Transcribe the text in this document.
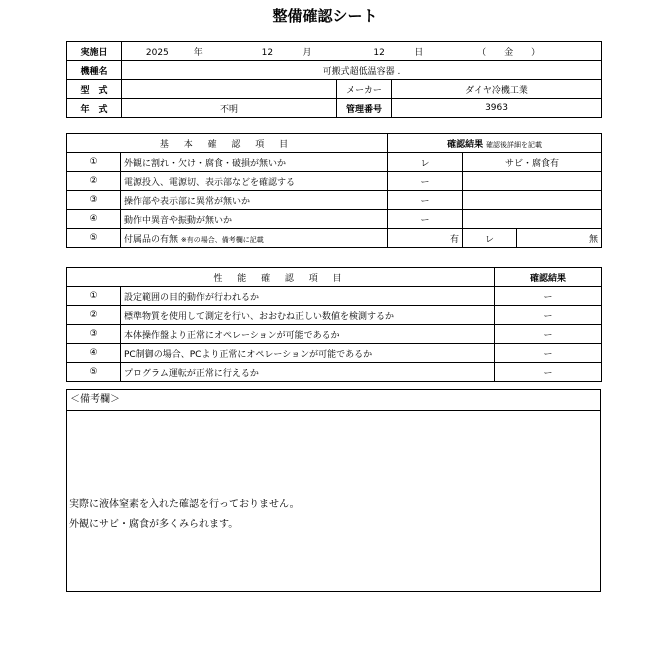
整備確認シート
実施日	2025 年 12 月 12 日 （　　金　　）		
機種名	可搬式超低温容器 .		
型　式		メーカー	ダイヤ冷機工業
年　式	不明	管理番号	3963
基 本 確 認 項 目		確認結果 確認後詳細を記載		
①	外観に割れ・欠け・腐食・破損が無いか	レ	サビ・腐食有	
②	電源投入、電源切、表示部などを確認する	ー		
③	操作部や表示部に異常が無いか	ー		
④	動作中異音や振動が無いか	ー		
⑤	付属品の有無 ※有の場合、備考欄に記載	有	レ	無
性 能 確 認 項 目		確認結果
①	設定範囲の目的動作が行われるか	ー
②	標準物質を使用して測定を行い、おおむね正しい数値を検測するか	ー
③	本体操作盤より正常にオペレーションが可能であるか	ー
④	PC制御の場合、PCより正常にオペレーションが可能であるか	ー
⑤	プログラム運転が正常に行えるか	ー
＜備考欄＞
実際に液体窒素を入れた確認を行っておりません。
外観にサビ・腐食が多くみられます。
